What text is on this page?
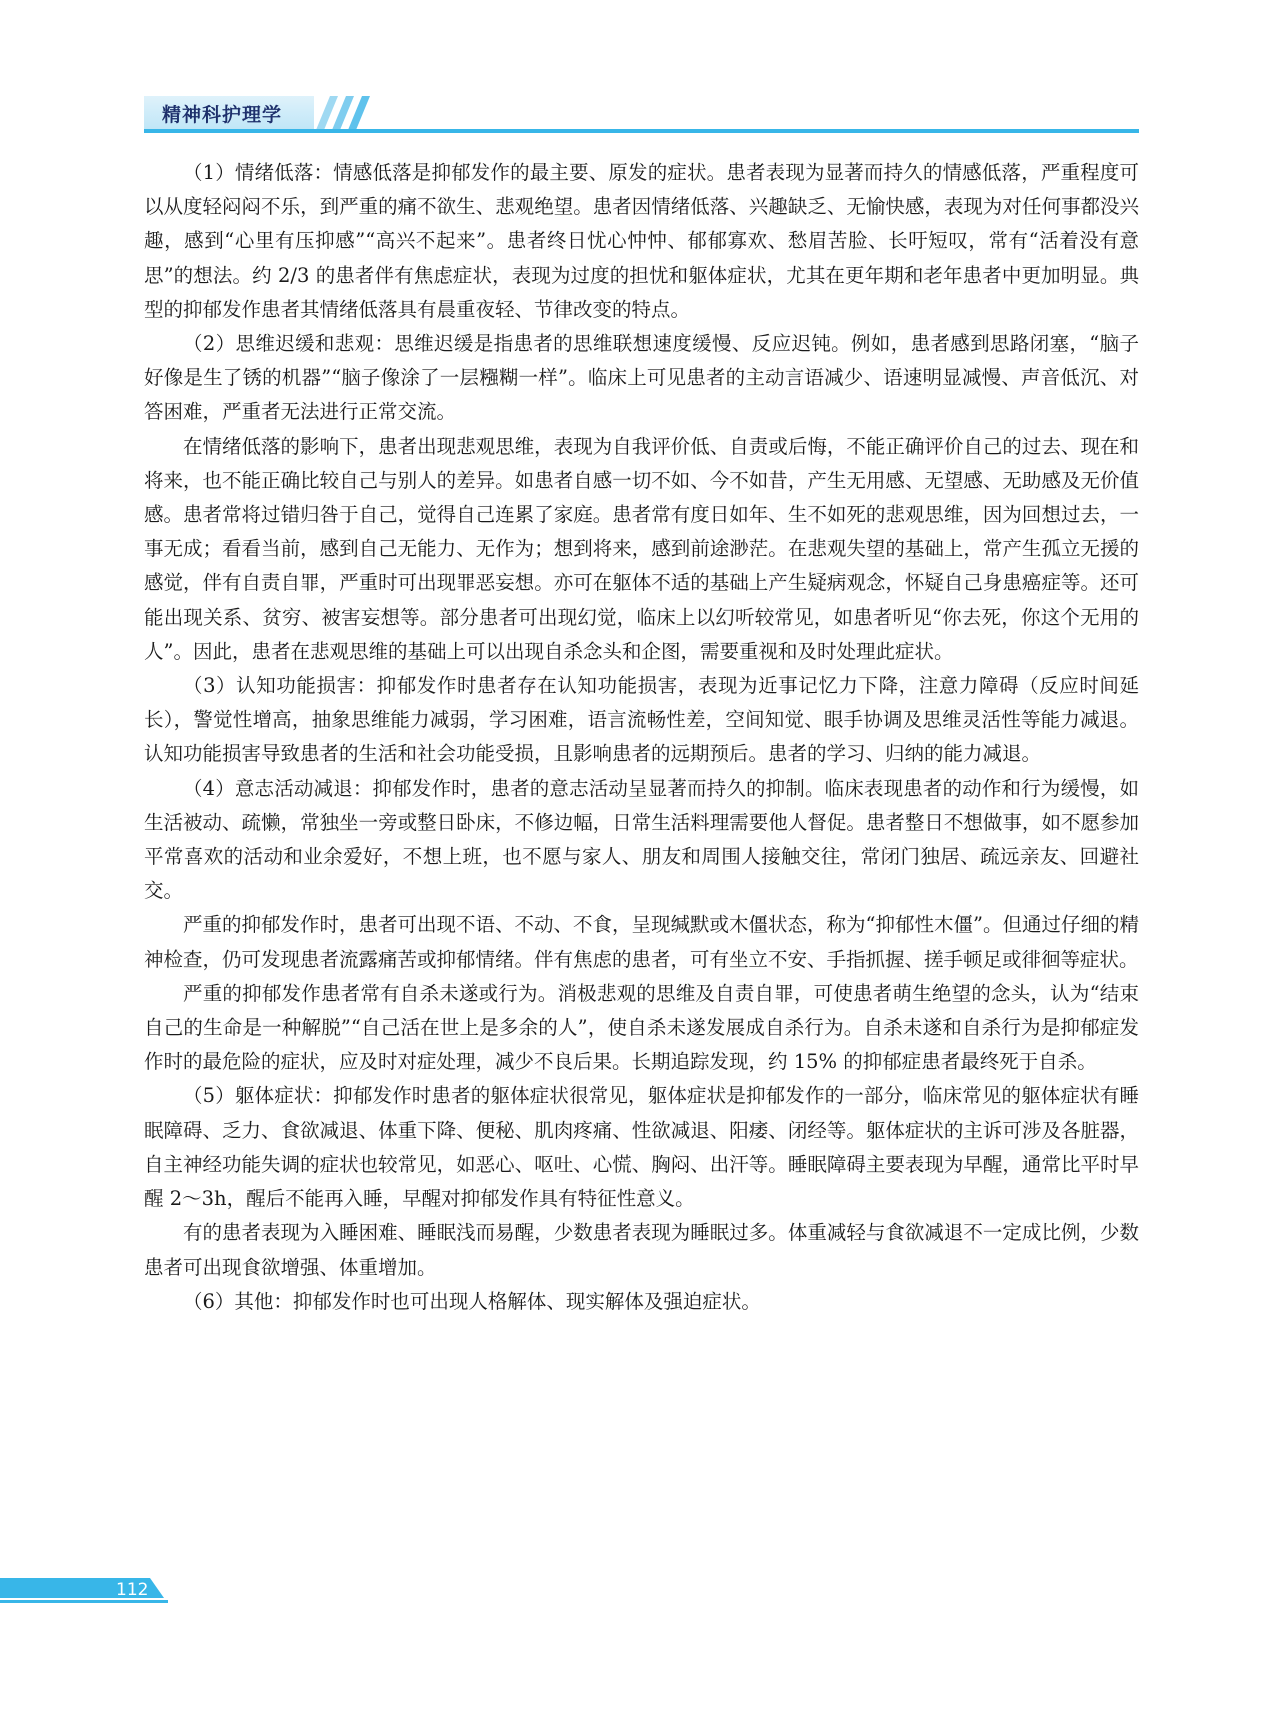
精神科护理学

（1）情绪低落：情感低落是抑郁发作的最主要、原发的症状。患者表现为显著而持久的情感低落，严重程度可以从度轻闷闷不乐，到严重的痛不欲生、悲观绝望。患者因情绪低落、兴趣缺乏、无愉快感，表现为对任何事都没兴趣，感到“心里有压抑感”“高兴不起来”。患者终日忧心忡忡、郁郁寡欢、愁眉苦脸、长吁短叹，常有“活着没有意思”的想法。约 2/3 的患者伴有焦虑症状，表现为过度的担忧和躯体症状，尤其在更年期和老年患者中更加明显。典型的抑郁发作患者其情绪低落具有晨重夜轻、节律改变的特点。

（2）思维迟缓和悲观：思维迟缓是指患者的思维联想速度缓慢、反应迟钝。例如，患者感到思路闭塞，“脑子好像是生了锈的机器”“脑子像涂了一层糨糊一样”。临床上可见患者的主动言语减少、语速明显减慢、声音低沉、对答困难，严重者无法进行正常交流。

在情绪低落的影响下，患者出现悲观思维，表现为自我评价低、自责或后悔，不能正确评价自己的过去、现在和将来，也不能正确比较自己与别人的差异。如患者自感一切不如、今不如昔，产生无用感、无望感、无助感及无价值感。患者常将过错归咎于自己，觉得自己连累了家庭。患者常有度日如年、生不如死的悲观思维，因为回想过去，一事无成；看看当前，感到自己无能力、无作为；想到将来，感到前途渺茫。在悲观失望的基础上，常产生孤立无援的感觉，伴有自责自罪，严重时可出现罪恶妄想。亦可在躯体不适的基础上产生疑病观念，怀疑自己身患癌症等。还可能出现关系、贫穷、被害妄想等。部分患者可出现幻觉，临床上以幻听较常见，如患者听见“你去死，你这个无用的人”。因此，患者在悲观思维的基础上可以出现自杀念头和企图，需要重视和及时处理此症状。

（3）认知功能损害：抑郁发作时患者存在认知功能损害，表现为近事记忆力下降，注意力障碍（反应时间延长），警觉性增高，抽象思维能力减弱，学习困难，语言流畅性差，空间知觉、眼手协调及思维灵活性等能力减退。认知功能损害导致患者的生活和社会功能受损，且影响患者的远期预后。患者的学习、归纳的能力减退。

（4）意志活动减退：抑郁发作时，患者的意志活动呈显著而持久的抑制。临床表现患者的动作和行为缓慢，如生活被动、疏懒，常独坐一旁或整日卧床，不修边幅，日常生活料理需要他人督促。患者整日不想做事，如不愿参加平常喜欢的活动和业余爱好，不想上班，也不愿与家人、朋友和周围人接触交往，常闭门独居、疏远亲友、回避社交。

严重的抑郁发作时，患者可出现不语、不动、不食，呈现缄默或木僵状态，称为“抑郁性木僵”。但通过仔细的精神检查，仍可发现患者流露痛苦或抑郁情绪。伴有焦虑的患者，可有坐立不安、手指抓握、搓手顿足或徘徊等症状。

严重的抑郁发作患者常有自杀未遂或行为。消极悲观的思维及自责自罪，可使患者萌生绝望的念头，认为“结束自己的生命是一种解脱”“自己活在世上是多余的人”，使自杀未遂发展成自杀行为。自杀未遂和自杀行为是抑郁症发作时的最危险的症状，应及时对症处理，减少不良后果。长期追踪发现，约 15% 的抑郁症患者最终死于自杀。

（5）躯体症状：抑郁发作时患者的躯体症状很常见，躯体症状是抑郁发作的一部分，临床常见的躯体症状有睡眠障碍、乏力、食欲减退、体重下降、便秘、肌肉疼痛、性欲减退、阳痿、闭经等。躯体症状的主诉可涉及各脏器，自主神经功能失调的症状也较常见，如恶心、呕吐、心慌、胸闷、出汗等。睡眠障碍主要表现为早醒，通常比平时早醒 2～3h，醒后不能再入睡，早醒对抑郁发作具有特征性意义。

有的患者表现为入睡困难、睡眠浅而易醒，少数患者表现为睡眠过多。体重减轻与食欲减退不一定成比例，少数患者可出现食欲增强、体重增加。

（6）其他：抑郁发作时也可出现人格解体、现实解体及强迫症状。

112
